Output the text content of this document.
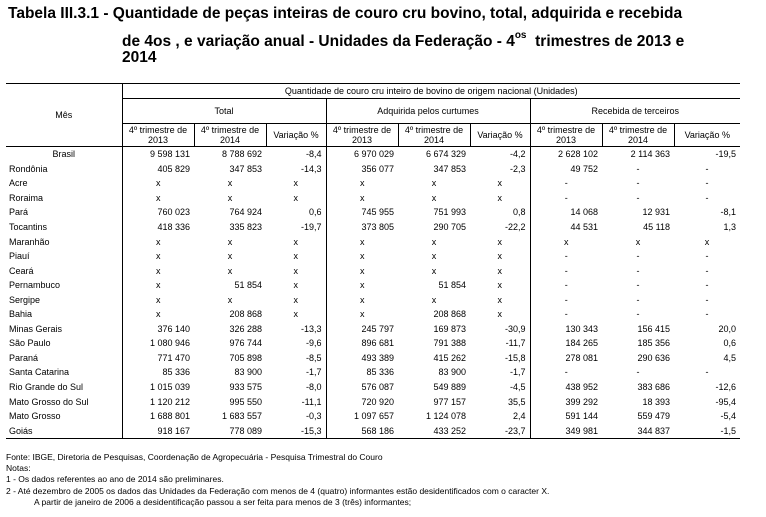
Tabela III.3.1 - Quantidade de peças inteiras de couro cru bovino, total, adquirida e recebida
de 4os , e variação anual - Unidades da Federação - $4^{os}$ trimestres de 2013 e
2014
Mês	Quantidade de couro cru inteiro de bovino de origem nacional (Unidades)								
	Total			Adquirida pelos curtumes			Recebida de terceiros		
	4º trimestre de 2013	4º trimestre de 2014	Variação %	4º trimestre de 2013	4º trimestre de 2014	Variação %	4º trimestre de 2013	4º trimestre de 2014	Variação %
Brasil	9 598 131	8 788 692	-8,4	6 970 029	6 674 329	-4,2	2 628 102	2 114 363	-19,5
Rondônia	405 829	347 853	-14,3	356 077	347 853	-2,3	49 752	-	-
Acre	x	x	x	x	x	x	-	-	-
Roraima	x	x	x	x	x	x	-	-	-
Pará	760 023	764 924	0,6	745 955	751 993	0,8	14 068	12 931	-8,1
Tocantins	418 336	335 823	-19,7	373 805	290 705	-22,2	44 531	45 118	1,3
Maranhão	x	x	x	x	x	x	x	x	x
Piauí	x	x	x	x	x	x	-	-	-
Ceará	x	x	x	x	x	x	-	-	-
Pernambuco	x	51 854	x	x	51 854	x	-	-	-
Sergipe	x	x	x	x	x	x	-	-	-
Bahia	x	208 868	x	x	208 868	x	-	-	-
Minas Gerais	376 140	326 288	-13,3	245 797	169 873	-30,9	130 343	156 415	20,0
São Paulo	1 080 946	976 744	-9,6	896 681	791 388	-11,7	184 265	185 356	0,6
Paraná	771 470	705 898	-8,5	493 389	415 262	-15,8	278 081	290 636	4,5
Santa Catarina	85 336	83 900	-1,7	85 336	83 900	-1,7	-	-	-
Rio Grande do Sul	1 015 039	933 575	-8,0	576 087	549 889	-4,5	438 952	383 686	-12,6
Mato Grosso do Sul	1 120 212	995 550	-11,1	720 920	977 157	35,5	399 292	18 393	-95,4
Mato Grosso	1 688 801	1 683 557	-0,3	1 097 657	1 124 078	2,4	591 144	559 479	-5,4
Goiás	918 167	778 089	-15,3	568 186	433 252	-23,7	349 981	344 837	-1,5
Fonte: IBGE, Diretoria de Pesquisas, Coordenação de Agropecuária - Pesquisa Trimestral do Couro
Notas:
1 - Os dados referentes ao ano de 2014 são preliminares.
2 - Até dezembro de 2005 os dados das Unidades da Federação com menos de 4 (quatro) informantes estão desidentificados com o caracter X.
A partir de janeiro de 2006 a desidentificação passou a ser feita para menos de 3 (três) informantes;
